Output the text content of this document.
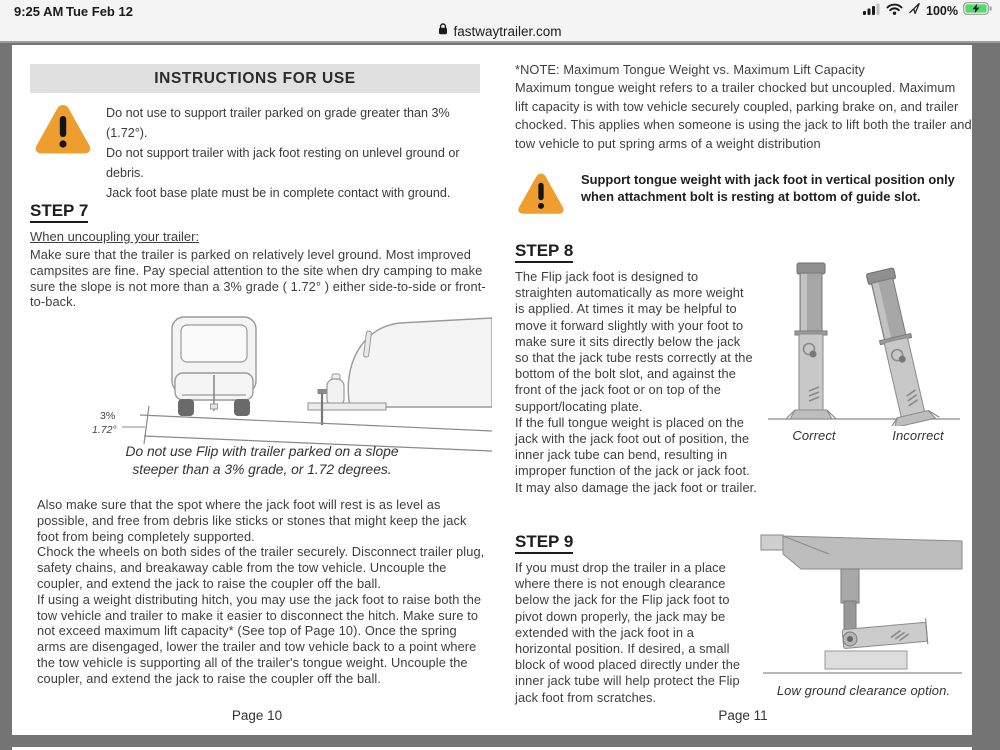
9:25 AM Tue Feb 12	100%
fastwaytrailer.com
INSTRUCTIONS FOR USE

Do not use to support trailer parked on grade greater than 3% (1.72°).

Do not support trailer with jack foot resting on unlevel ground or debris.

Jack foot base plate must be in complete contact with ground.

STEP 7
When uncoupling your trailer:
Make sure that the trailer is parked on relatively level ground. Most improved campsites are fine. Pay special attention to the site when dry camping to make sure the slope is not more than a 3% grade ( 1.72° ) either side-to-side or front-to-back.
3%
1.72°
Do not use Flip with trailer parked on a slope
steeper than a 3% grade, or 1.72 degrees.

Also make sure that the spot where the jack foot will rest is as level as possible, and free from debris like sticks or stones that might keep the jack foot from being completely supported.

Chock the wheels on both sides of the trailer securely. Disconnect trailer plug, safety chains, and breakaway cable from the tow vehicle. Uncouple the coupler, and extend the jack to raise the coupler off the ball.

If using a weight distributing hitch, you may use the jack foot to raise both the tow vehicle and trailer to make it easier to disconnect the hitch. Make sure to not exceed maximum lift capacity* (See top of Page 10). Once the spring arms are disengaged, lower the trailer and tow vehicle back to a point where the tow vehicle is supporting all of the trailer's tongue weight. Uncouple the coupler, and extend the jack to raise the coupler off the ball.

Page 10
*NOTE: Maximum Tongue Weight vs. Maximum Lift Capacity
Maximum tongue weight refers to a trailer chocked but uncoupled. Maximum lift capacity is with tow vehicle securely coupled, parking brake on, and trailer chocked. This applies when someone is using the jack to lift both the trailer and tow vehicle to put spring arms of a weight distribution
Support tongue weight with jack foot in vertical position only when attachment bolt is resting at bottom of guide slot.
STEP 8
Correct	Incorrect

The Flip jack foot is designed to straighten automatically as more weight is applied. At times it may be helpful to move it forward slightly with your foot to make sure it sits directly below the jack so that the jack tube rests correctly at the bottom of the bolt slot, and against the front of the jack foot or on top of the support/locating plate.

If the full tongue weight is placed on the jack with the jack foot out of position, the inner jack tube can bend, resulting in improper function of the jack or jack foot. It may also damage the jack foot or trailer.

STEP 9
Low ground clearance option.

If you must drop the trailer in a place where there is not enough clearance below the jack for the Flip jack foot to pivot down properly, the jack may be extended with the jack foot in a horizontal position. If desired, a small block of wood placed directly under the inner jack tube will help protect the Flip jack foot from scratches.

Page 11
